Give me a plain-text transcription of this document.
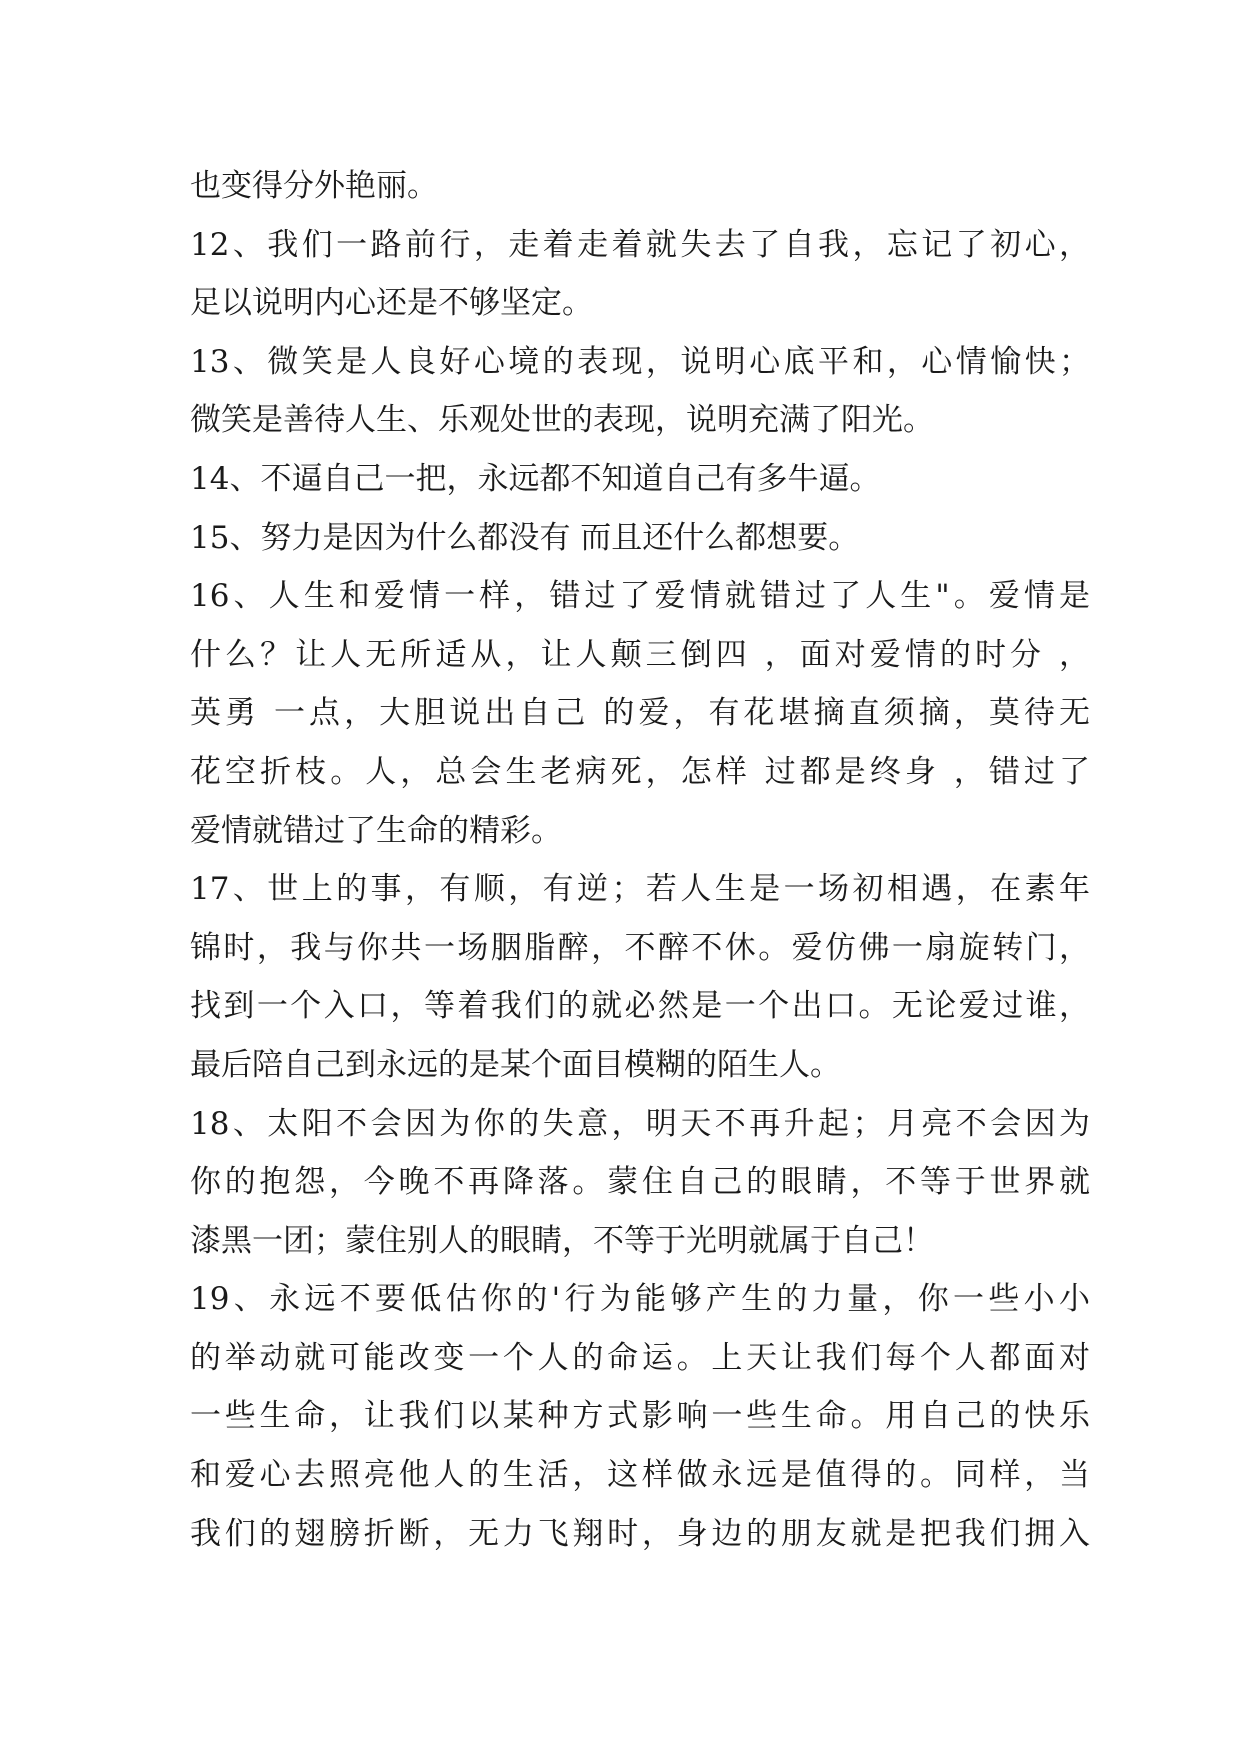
也变得分外艳丽。
12、我们一路前行，走着走着就失去了自我，忘记了初心，
足以说明内心还是不够坚定。
13、微笑是人良好心境的表现，说明心底平和，心情愉快；
微笑是善待人生、乐观处世的表现，说明充满了阳光。
14、不逼自己一把，永远都不知道自己有多牛逼。
15、努力是因为什么都没有 而且还什么都想要。
16、人生和爱情一样，错过了爱情就错过了人生"。爱情是
什么？让人无所适从，让人颠三倒四 ，面对爱情的时分 ，
英勇 一点，大胆说出自己 的爱，有花堪摘直须摘，莫待无
花空折枝。人，总会生老病死，怎样 过都是终身 ，错过了
爱情就错过了生命的精彩。
17、世上的事，有顺，有逆；若人生是一场初相遇，在素年
锦时，我与你共一场胭脂醉，不醉不休。爱仿佛一扇旋转门，
找到一个入口，等着我们的就必然是一个出口。无论爱过谁，
最后陪自己到永远的是某个面目模糊的陌生人。
18、太阳不会因为你的失意，明天不再升起；月亮不会因为
你的抱怨，今晚不再降落。蒙住自己的眼睛，不等于世界就
漆黑一团；蒙住别人的眼睛，不等于光明就属于自己！
19、永远不要低估你的'行为能够产生的力量，你一些小小
的举动就可能改变一个人的命运。上天让我们每个人都面对
一些生命，让我们以某种方式影响一些生命。用自己的快乐
和爱心去照亮他人的生活，这样做永远是值得的。同样，当
我们的翅膀折断，无力飞翔时，身边的朋友就是把我们拥入
